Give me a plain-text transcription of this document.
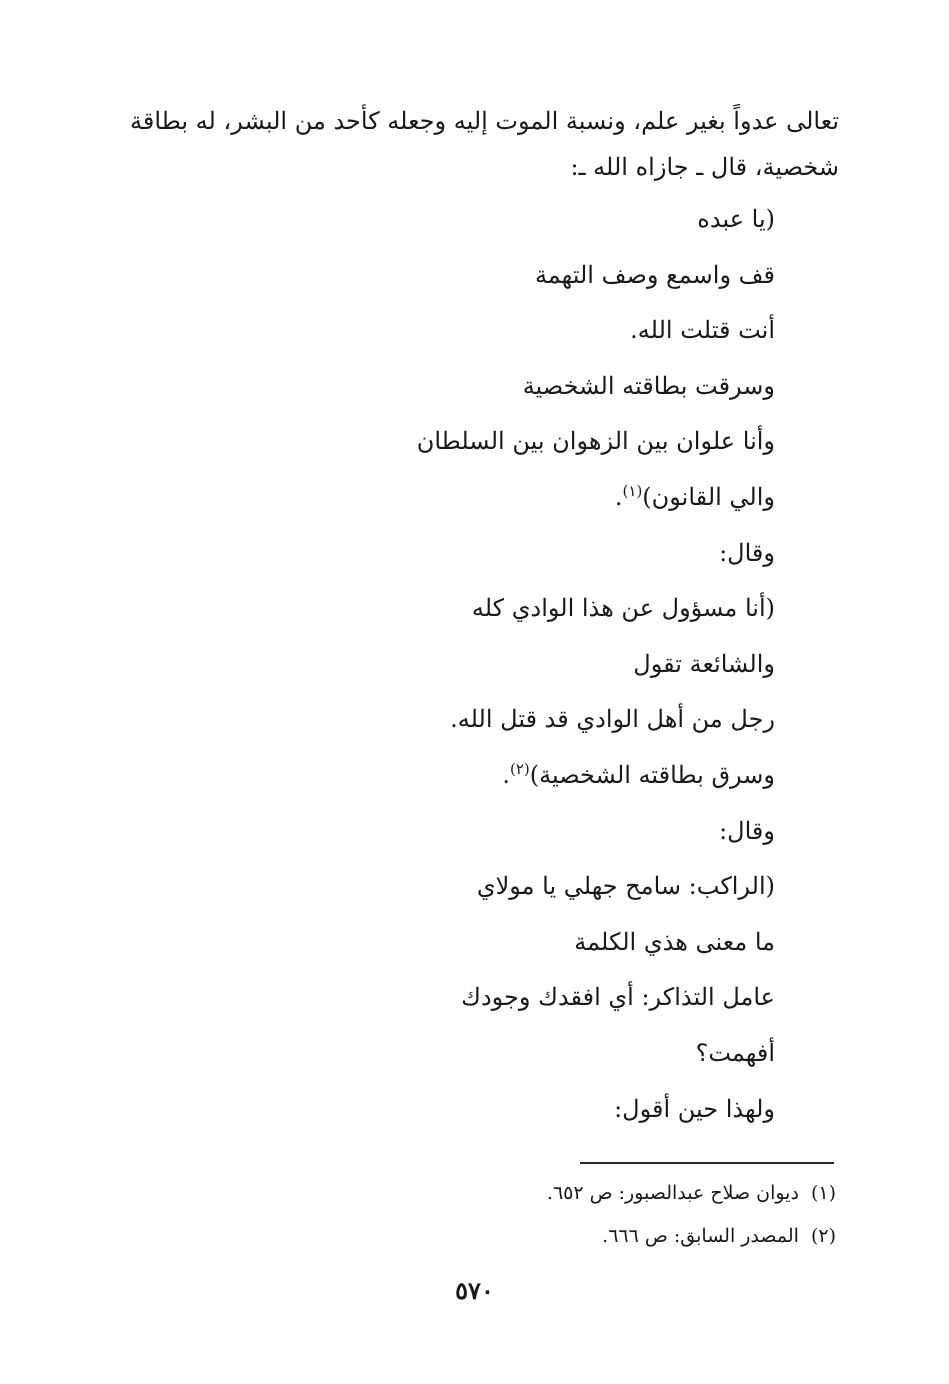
تعالى عدواً بغير علم، ونسبة الموت إليه وجعله كأحد من البشر، له بطاقة

شخصية، قال ـ جازاه الله ـ:

(يا عبده
قف واسمع وصف التهمة
أنت قتلت الله.
وسرقت بطاقته الشخصية
وأنا علوان بين الزهوان بين السلطان
والي القانون)$^{(١)}$.
وقال:
(أنا مسؤول عن هذا الوادي كله
والشائعة تقول
رجل من أهل الوادي قد قتل الله.
وسرق بطاقته الشخصية)$^{(٢)}$.
وقال:
(الراكب: سامح جهلي يا مولاي
ما معنى هذي الكلمة
عامل التذاكر: أي افقدك وجودك
أفهمت؟
ولهذا حين أقول:
(١)ديوان صلاح عبدالصبور: ص ٦٥٢.
(٢)المصدر السابق: ص ٦٦٦.
٥٧٠
